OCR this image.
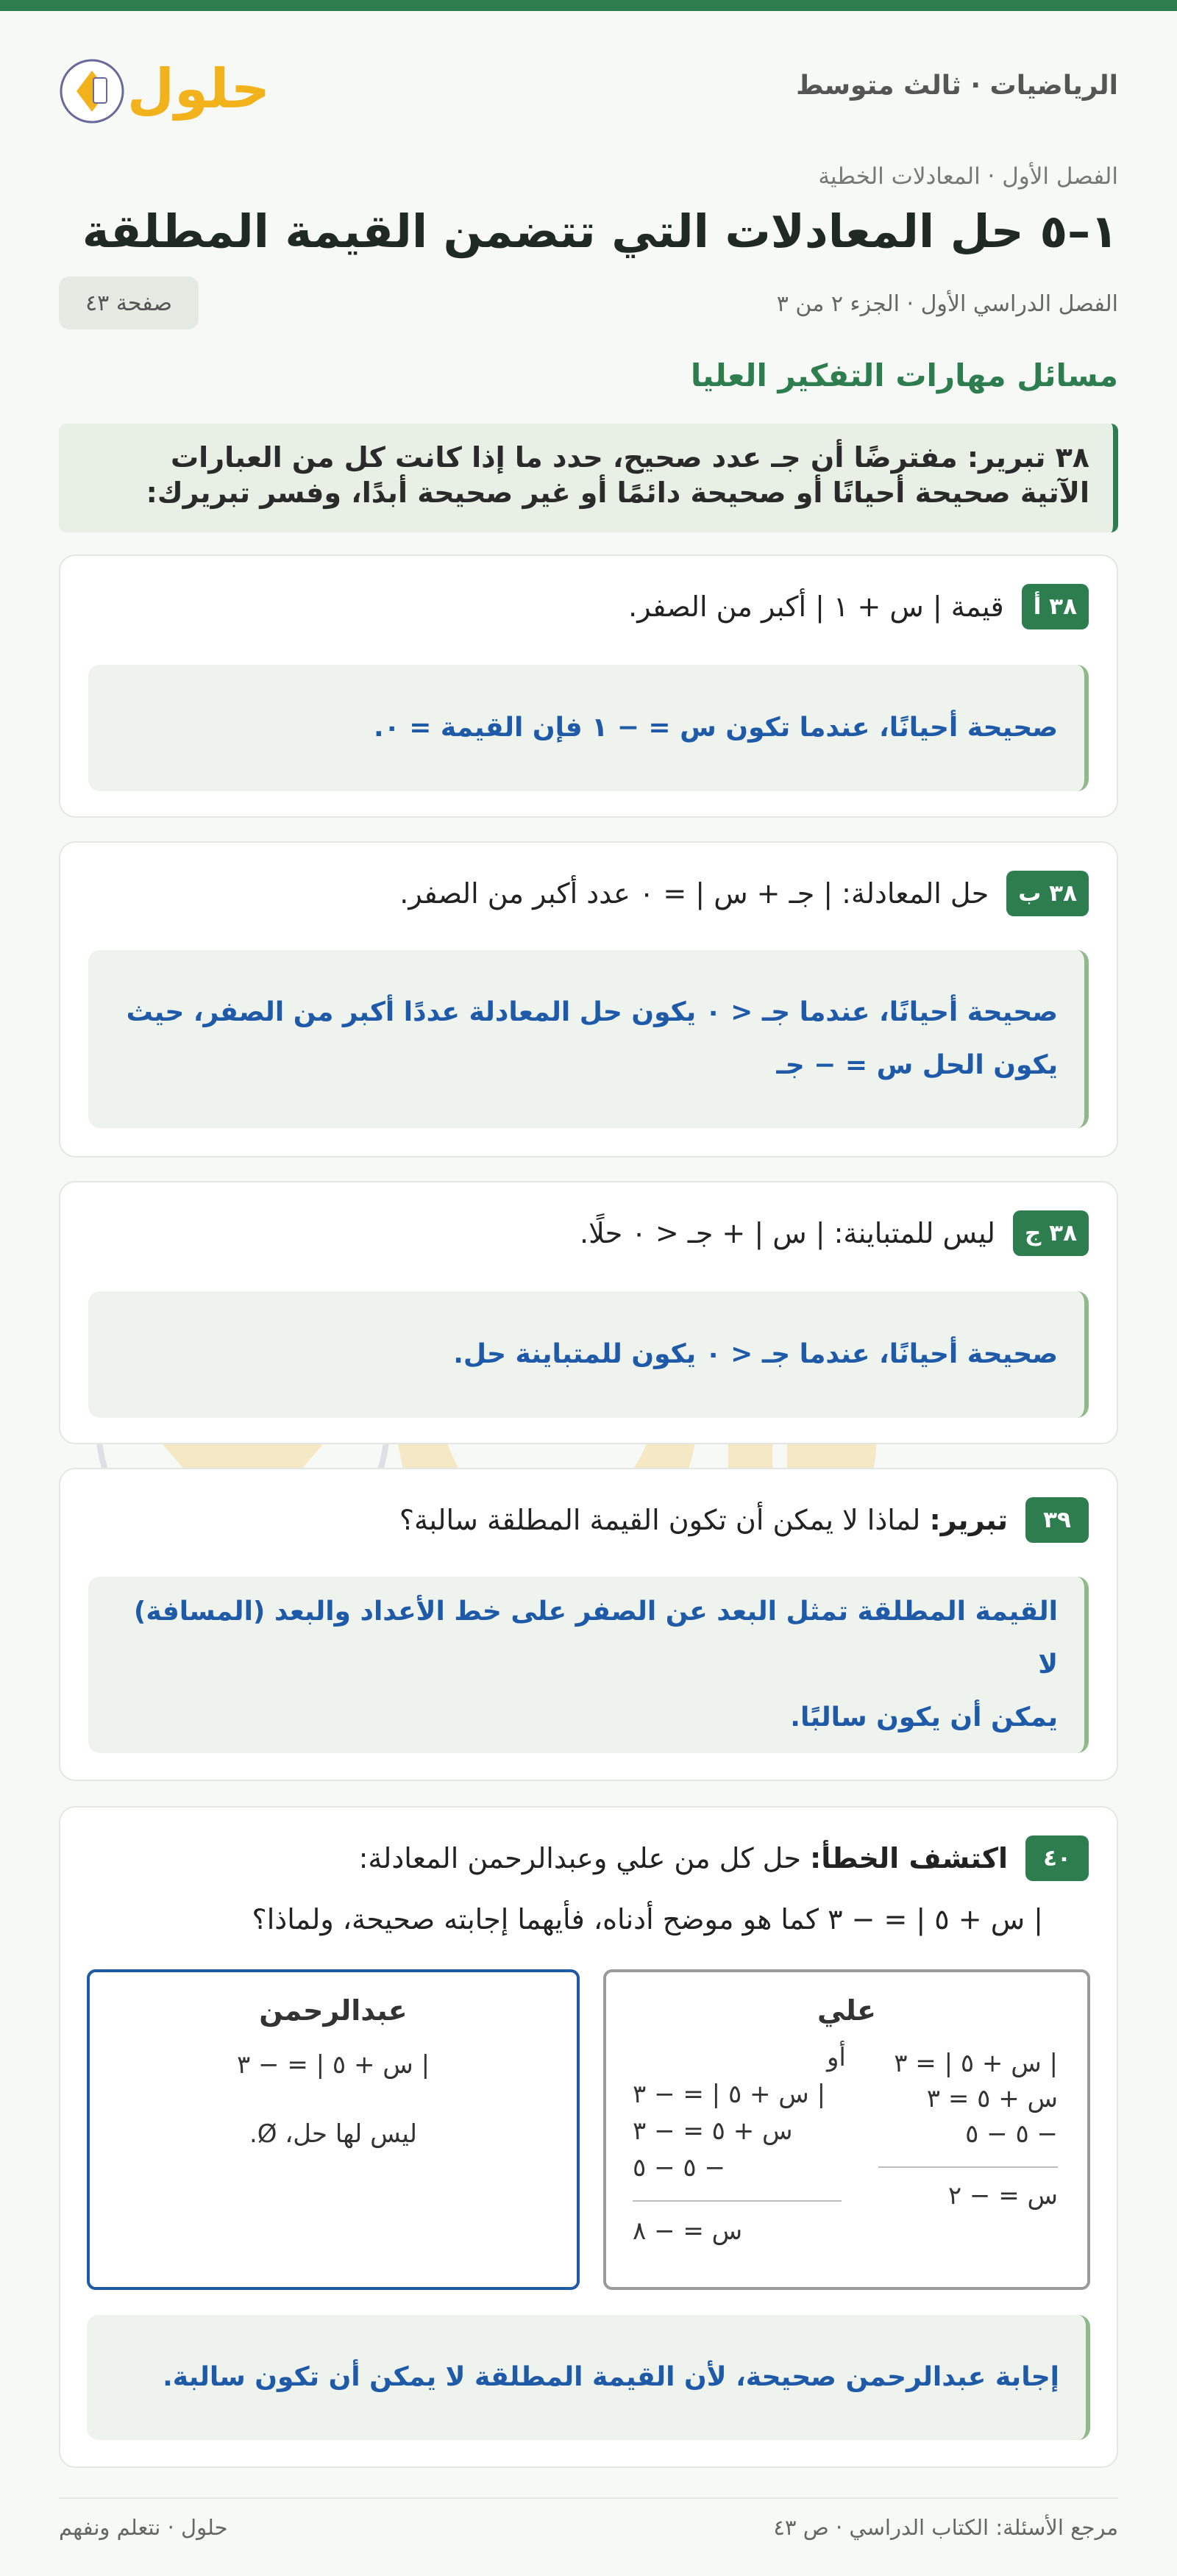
الرياضيات · ثالث متوسط
حلول
الفصل الأول · المعادلات الخطية
١–٥ حل المعادلات التي تتضمن القيمة المطلقة
الفصل الدراسي الأول · الجزء ٢ من ٣
صفحة ٤٣
مسائل مهارات التفكير العليا
٣٨ تبرير: مفترضًا أن جـ عدد صحيح، حدد ما إذا كانت كل من العبارات
الآتية صحيحة أحيانًا أو صحيحة دائمًا أو غير صحيحة أبدًا، وفسر تبريرك:
٣٨ أ
قيمة | س + ١ | أكبر من الصفر.
صحيحة أحيانًا، عندما تكون س = − ١ فإن القيمة = ٠.
٣٨ ب
حل المعادلة: | جـ + س | = ٠ عدد أكبر من الصفر.
صحيحة أحيانًا، عندما جـ < ٠ يكون حل المعادلة عددًا أكبر من الصفر، حيث
يكون الحل س = − جـ
٣٨ ج
ليس للمتباينة: | س | + جـ < ٠ حلًا.
صحيحة أحيانًا، عندما جـ < ٠ يكون للمتباينة حل.
٣٩
تبرير: لماذا لا يمكن أن تكون القيمة المطلقة سالبة؟
القيمة المطلقة تمثل البعد عن الصفر على خط الأعداد والبعد (المسافة) لا
يمكن أن يكون سالبًا.
٤٠
اكتشف الخطأ: حل كل من علي وعبدالرحمن المعادلة:
| س + ٥ | = − ٣ كما هو موضح أدناه، فأيهما إجابته صحيحة، ولماذا؟
علي
| س + ٥ | = ٣
س + ٥ = ٣
− ٥ − ٥
س = − ٢
أو
| س + ٥ | = − ٣
س + ٥ = − ٣
− ٥ − ٥
س = − ٨
عبدالرحمن
| س + ٥ | = − ٣
ليس لها حل، Ø.
إجابة عبدالرحمن صحيحة، لأن القيمة المطلقة لا يمكن أن تكون سالبة.
مرجع الأسئلة: الكتاب الدراسي · ص ٤٣
حلول · نتعلم ونفهم
